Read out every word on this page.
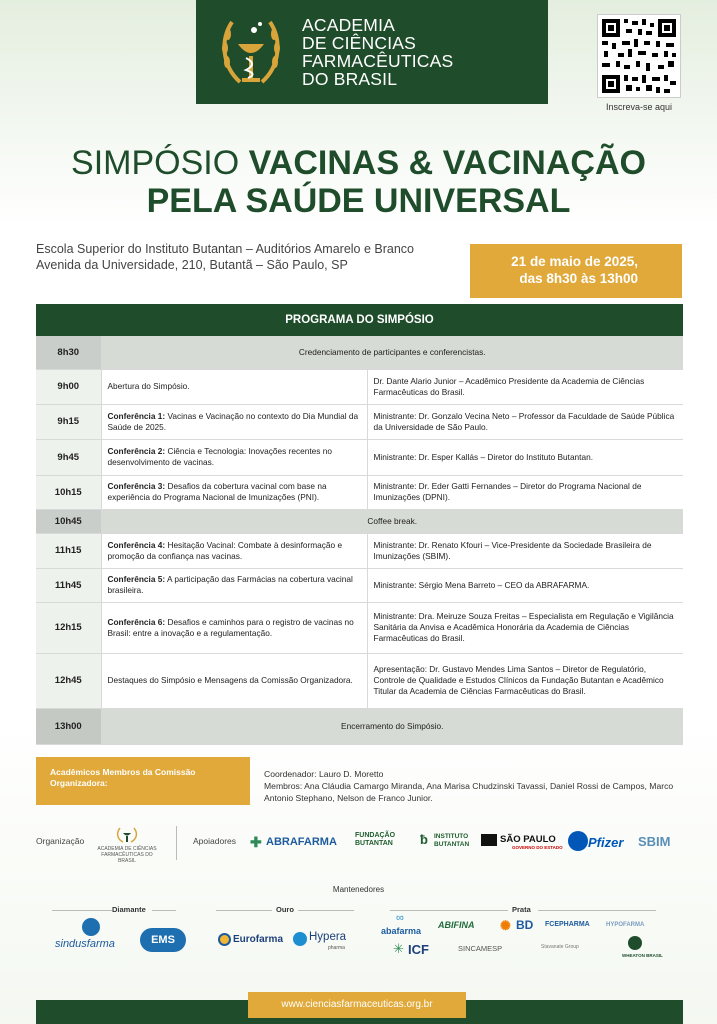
ACADEMIA
DE CIÊNCIAS
FARMACÊUTICAS
DO BRASIL
Inscreva-se aqui
SIMPÓSIO VACINAS & VACINAÇÃO
PELA SAÚDE UNIVERSAL
Escola Superior do Instituto Butantan – Auditórios Amarelo e Branco
Avenida da Universidade, 210, Butantã – São Paulo, SP	21 de maio de 2025,
das 8h30 às 13h00
PROGRAMA DO SIMPÓSIO
8h30	Credenciamento de participantes e conferencistas.	
9h00	Abertura do Simpósio.	Dr. Dante Alario Junior – Acadêmico Presidente da Academia de Ciências Farmacêuticas do Brasil.
9h15	Conferência 1: Vacinas e Vacinação no contexto do Dia Mundial da Saúde de 2025.	Ministrante: Dr. Gonzalo Vecina Neto – Professor da Faculdade de Saúde Pública da Universidade de São Paulo.
9h45	Conferência 2: Ciência e Tecnologia: Inovações recentes no desenvolvimento de vacinas.	Ministrante: Dr. Esper Kallás – Diretor do Instituto Butantan.
10h15	Conferência 3: Desafios da cobertura vacinal com base na experiência do Programa Nacional de Imunizações (PNI).	Ministrante: Dr. Eder Gatti Fernandes – Diretor do Programa Nacional de Imunizações (DPNI).
10h45	Coffee break.	
11h15	Conferência 4: Hesitação Vacinal: Combate à desinformação e promoção da confiança nas vacinas.	Ministrante: Dr. Renato Kfouri – Vice-Presidente da Sociedade Brasileira de Imunizações (SBIM).
11h45	Conferência 5: A participação das Farmácias na cobertura vacinal brasileira.	Ministrante: Sérgio Mena Barreto – CEO da ABRAFARMA.
12h15	Conferência 6: Desafios e caminhos para o registro de vacinas no Brasil: entre a inovação e a regulamentação.	Ministrante: Dra. Meiruze Souza Freitas – Especialista em Regulação e Vigilância Sanitária da Anvisa e Acadêmica Honorária da Academia de Ciências Farmacêuticas do Brasil.
12h45	Destaques do Simpósio e Mensagens da Comissão Organizadora.	Apresentação: Dr. Gustavo Mendes Lima Santos – Diretor de Regulatório, Controle de Qualidade e Estudos Clínicos da Fundação Butantan e Acadêmico Titular da Academia de Ciências Farmacêuticas do Brasil.
13h00	Encerramento do Simpósio.	
Acadêmicos Membros da Comissão Organizadora:
Coordenador: Lauro D. Moretto
Membros: Ana Cláudia Camargo Miranda, Ana Marisa Chudzinski Tavassi, Daniel Rossi de Campos, Marco Antonio Stephano, Nelson de Franco Junior.
Organização
ACADEMIA DE CIÊNCIAS FARMACÊUTICAS DO BRASIL
Apoiadores ✚ ABRAFARMA
FUNDAÇÃO BUTANTAN	ƀ INSTITUTO BUTANTAN	SÃO PAULO
GOVERNO DO ESTADO Pfizer SBIM
Mantenedores
Diamante	Ouro	Prata
sindusfarma	EMS	Eurofarma Hypera
pharma
∞
abafarma
ABIFINA ✺ BD FCEPHARMA	HYPOFARMA
✳ ICF	SINCAMESP	Stavanate Group
WHEATON BRASIL
www.cienciasfarmaceuticas.org.br
